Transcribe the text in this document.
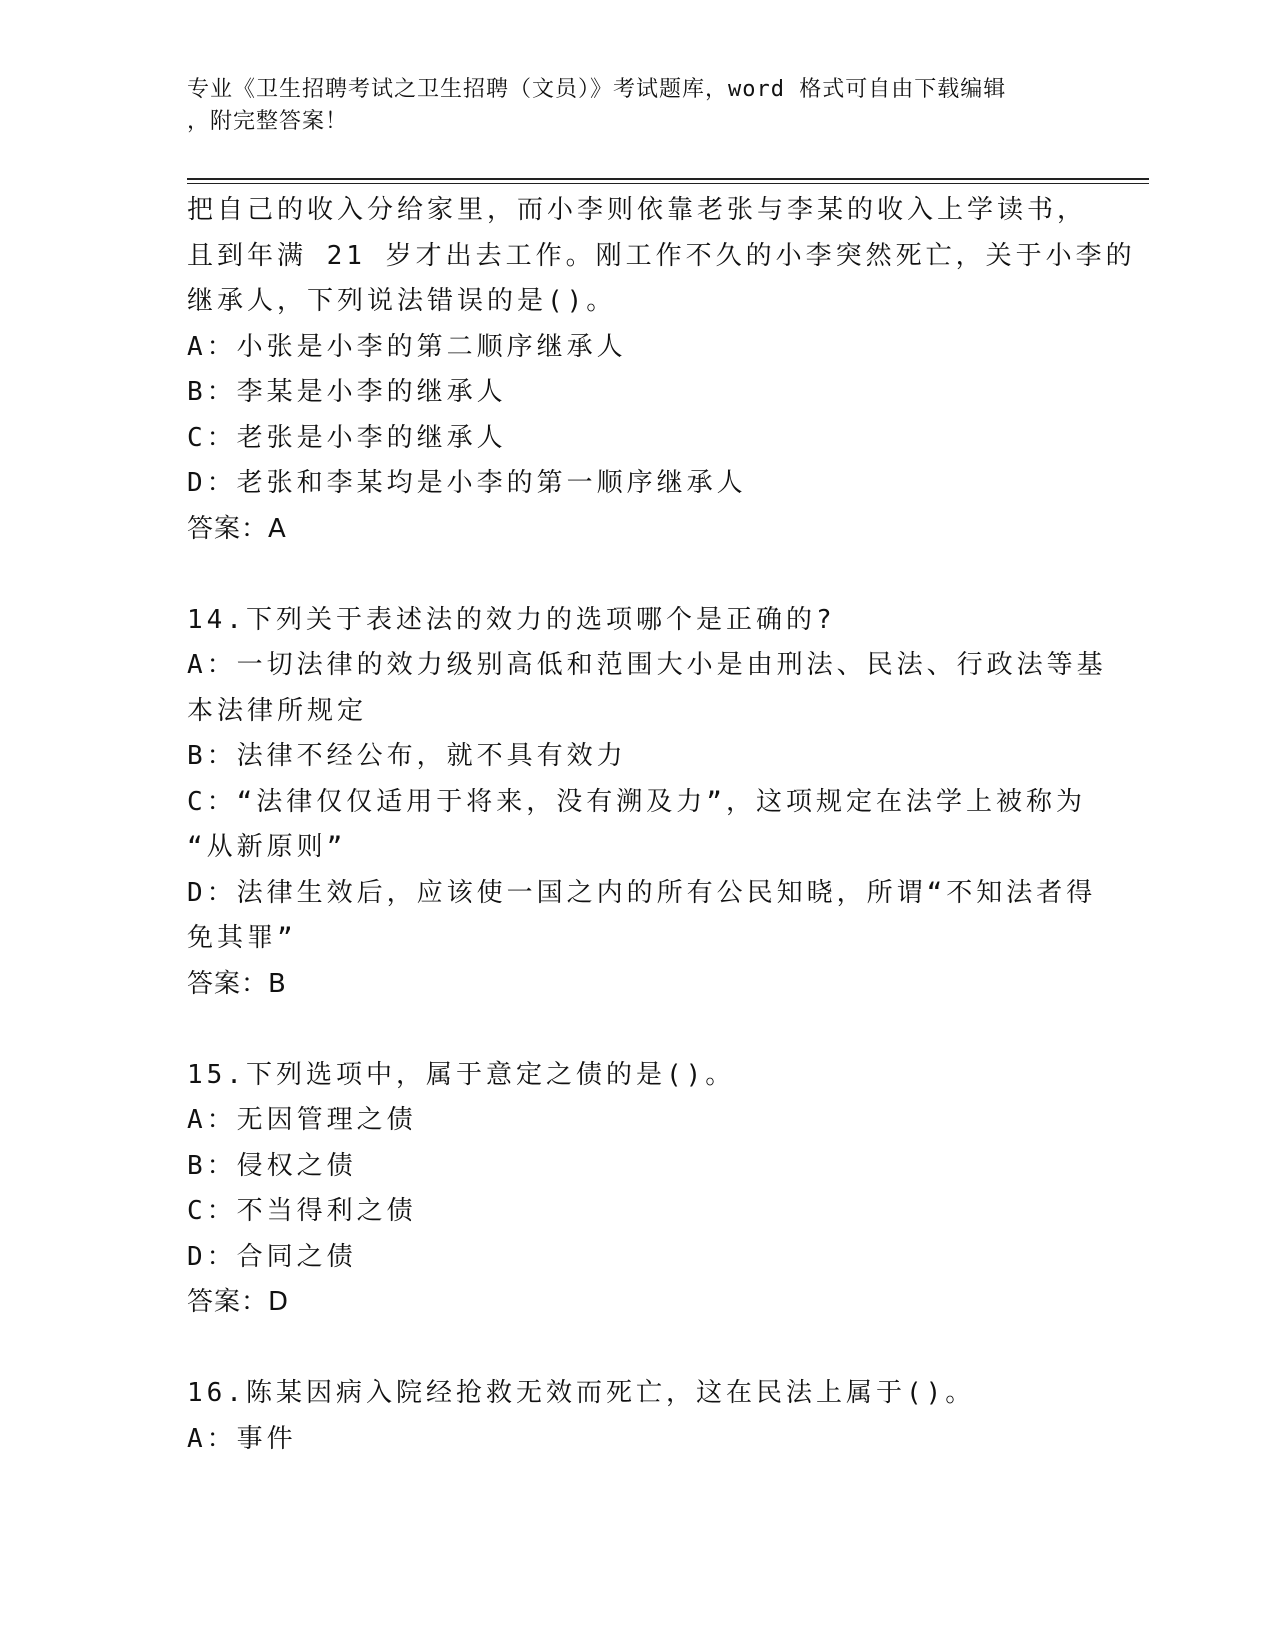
专业《卫生招聘考试之卫生招聘（文员）》考试题库，word 格式可自由下载编辑
，附完整答案！
把自己的收入分给家里，而小李则依靠老张与李某的收入上学读书，
且到年满 21 岁才出去工作。刚工作不久的小李突然死亡，关于小李的
继承人，下列说法错误的是()。
A：小张是小李的第二顺序继承人
B：李某是小李的继承人
C：老张是小李的继承人
D：老张和李某均是小李的第一顺序继承人
答案：A
14.下列关于表述法的效力的选项哪个是正确的?
A：一切法律的效力级别高低和范围大小是由刑法、民法、行政法等基
本法律所规定
B：法律不经公布，就不具有效力
C：“法律仅仅适用于将来，没有溯及力”，这项规定在法学上被称为
“从新原则”
D：法律生效后，应该使一国之内的所有公民知晓，所谓“不知法者得
免其罪”
答案：B
15.下列选项中，属于意定之债的是()。
A：无因管理之债
B：侵权之债
C：不当得利之债
D：合同之债
答案：D
16.陈某因病入院经抢救无效而死亡，这在民法上属于()。
A：事件
